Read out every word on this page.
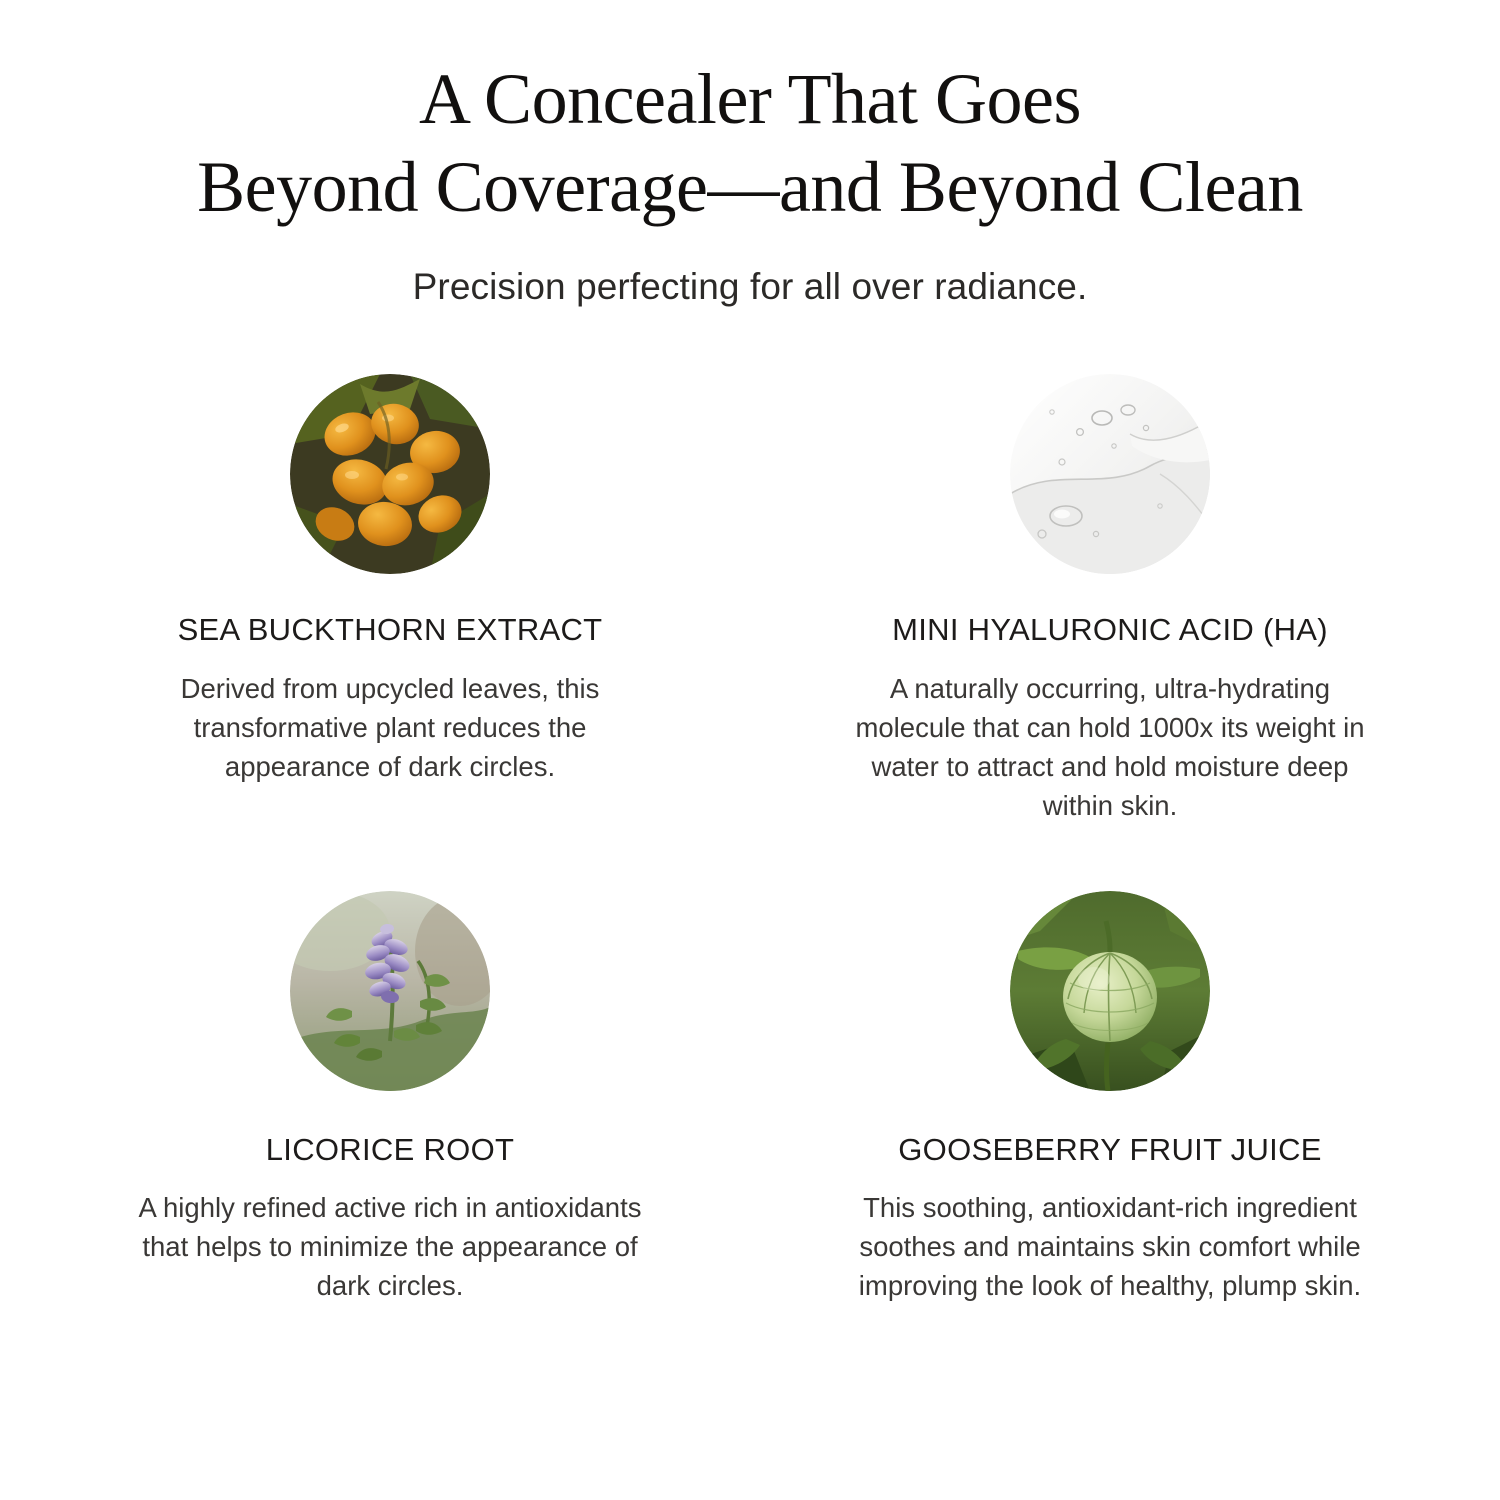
A Concealer That Goes
Beyond Coverage—and Beyond Clean
Precision perfecting for all over radiance.
SEA BUCKTHORN EXTRACT
Derived from upcycled leaves, this transformative plant reduces the appearance of dark circles.
MINI HYALURONIC ACID (HA)
A naturally occurring, ultra-hydrating molecule that can hold 1000x its weight in water to attract and hold moisture deep within skin.
LICORICE ROOT
A highly refined active rich in antioxidants that helps to minimize the appearance of dark circles.
GOOSEBERRY FRUIT JUICE
This soothing, antioxidant-rich ingredient soothes and maintains skin comfort while improving the look of healthy, plump skin.
